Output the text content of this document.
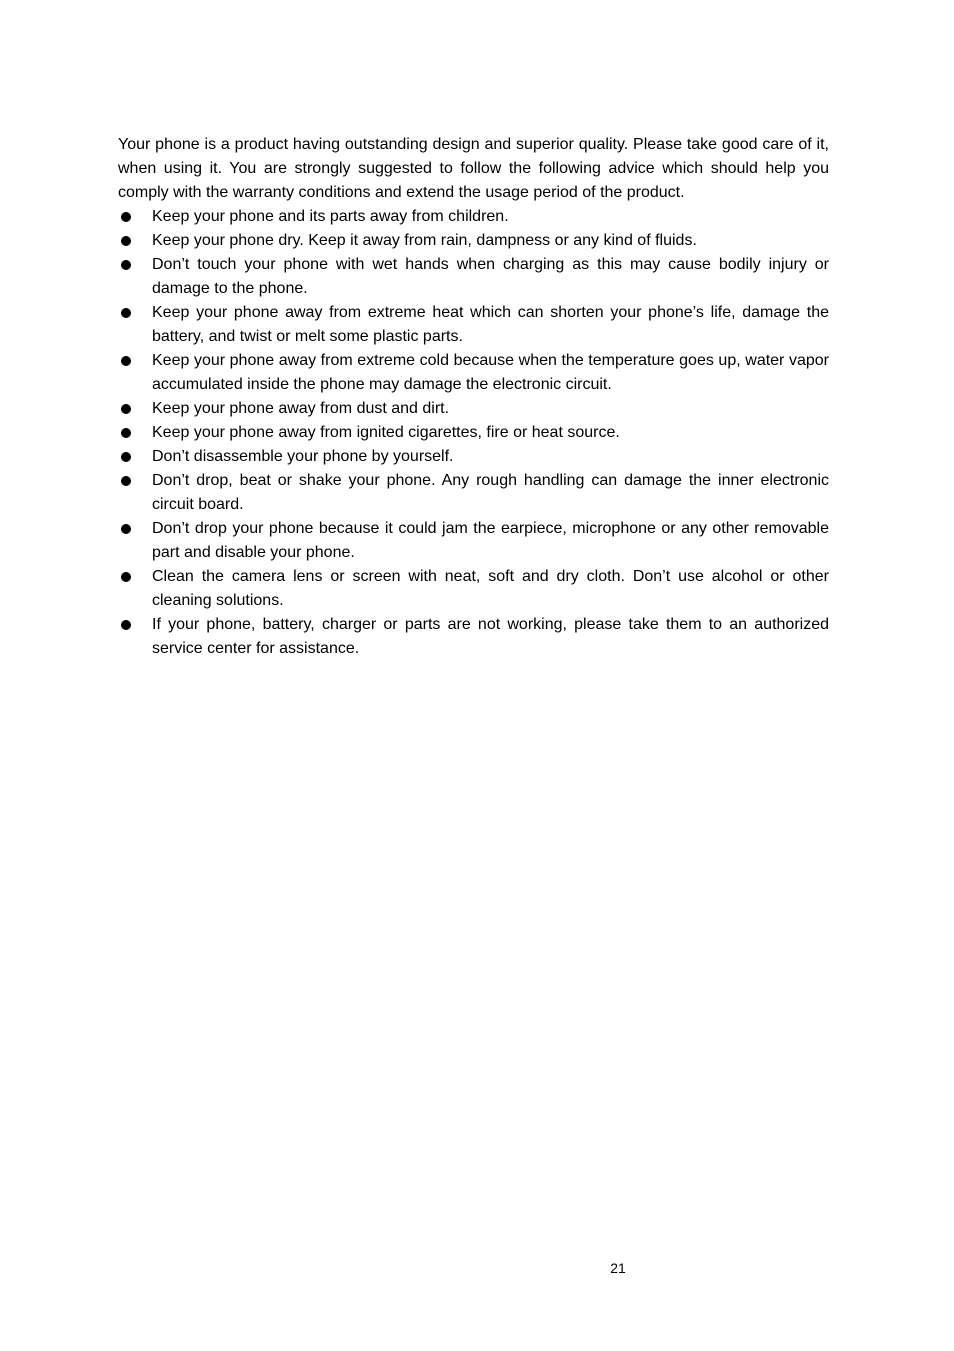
Your phone is a product having outstanding design and superior quality. Please take good care of it, when using it. You are strongly suggested to follow the following advice which should help you comply with the warranty conditions and extend the usage period of the product.

Keep your phone and its parts away from children.
Keep your phone dry. Keep it away from rain, dampness or any kind of fluids.
Don’t touch your phone with wet hands when charging as this may cause bodily injury or damage to the phone.
Keep your phone away from extreme heat which can shorten your phone’s life, damage the battery, and twist or melt some plastic parts.
Keep your phone away from extreme cold because when the temperature goes up, water vapor accumulated inside the phone may damage the electronic circuit.
Keep your phone away from dust and dirt.
Keep your phone away from ignited cigarettes, fire or heat source.
Don’t disassemble your phone by yourself.
Don’t drop, beat or shake your phone. Any rough handling can damage the inner electronic circuit board.
Don’t drop your phone because it could jam the earpiece, microphone or any other removable part and disable your phone.
Clean the camera lens or screen with neat, soft and dry cloth. Don’t use alcohol or other cleaning solutions.
If your phone, battery, charger or parts are not working, please take them to an authorized service center for assistance.
21
